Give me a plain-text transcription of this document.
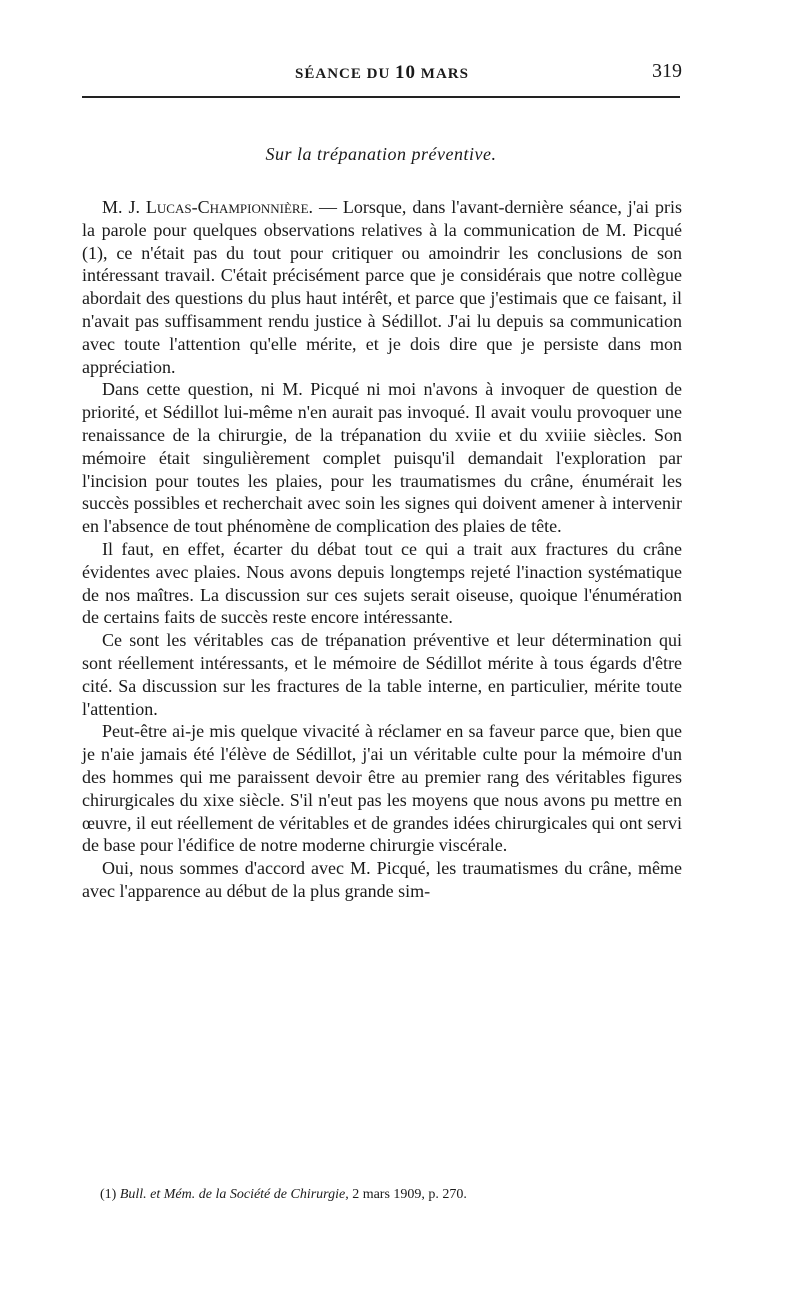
SÉANCE DU 10 MARS	319
Sur la trépanation préventive.

M. J. Lucas-Championnière. — Lorsque, dans l'avant-dernière séance, j'ai pris la parole pour quelques observations relatives à la communication de M. Picqué (1), ce n'était pas du tout pour critiquer ou amoindrir les conclusions de son intéressant travail. C'était précisément parce que je considérais que notre collègue abordait des questions du plus haut intérêt, et parce que j'estimais que ce faisant, il n'avait pas suffisamment rendu justice à Sédillot. J'ai lu depuis sa communication avec toute l'attention qu'elle mérite, et je dois dire que je persiste dans mon appréciation.

Dans cette question, ni M. Picqué ni moi n'avons à invoquer de question de priorité, et Sédillot lui-même n'en aurait pas invoqué. Il avait voulu provoquer une renaissance de la chirurgie, de la trépanation du xviie et du xviiie siècles. Son mémoire était singulièrement complet puisqu'il demandait l'exploration par l'incision pour toutes les plaies, pour les traumatismes du crâne, énumérait les succès possibles et recherchait avec soin les signes qui doivent amener à intervenir en l'absence de tout phénomène de complication des plaies de tête.

Il faut, en effet, écarter du débat tout ce qui a trait aux fractures du crâne évidentes avec plaies. Nous avons depuis longtemps rejeté l'inaction systématique de nos maîtres. La discussion sur ces sujets serait oiseuse, quoique l'énumération de certains faits de succès reste encore intéressante.

Ce sont les véritables cas de trépanation préventive et leur détermination qui sont réellement intéressants, et le mémoire de Sédillot mérite à tous égards d'être cité. Sa discussion sur les fractures de la table interne, en particulier, mérite toute l'attention.

Peut-être ai-je mis quelque vivacité à réclamer en sa faveur parce que, bien que je n'aie jamais été l'élève de Sédillot, j'ai un véritable culte pour la mémoire d'un des hommes qui me paraissent devoir être au premier rang des véritables figures chirurgicales du xixe siècle. S'il n'eut pas les moyens que nous avons pu mettre en œuvre, il eut réellement de véritables et de grandes idées chirurgicales qui ont servi de base pour l'édifice de notre moderne chirurgie viscérale.

Oui, nous sommes d'accord avec M. Picqué, les traumatismes du crâne, même avec l'apparence au début de la plus grande sim-

(1) Bull. et Mém. de la Société de Chirurgie, 2 mars 1909, p. 270.
